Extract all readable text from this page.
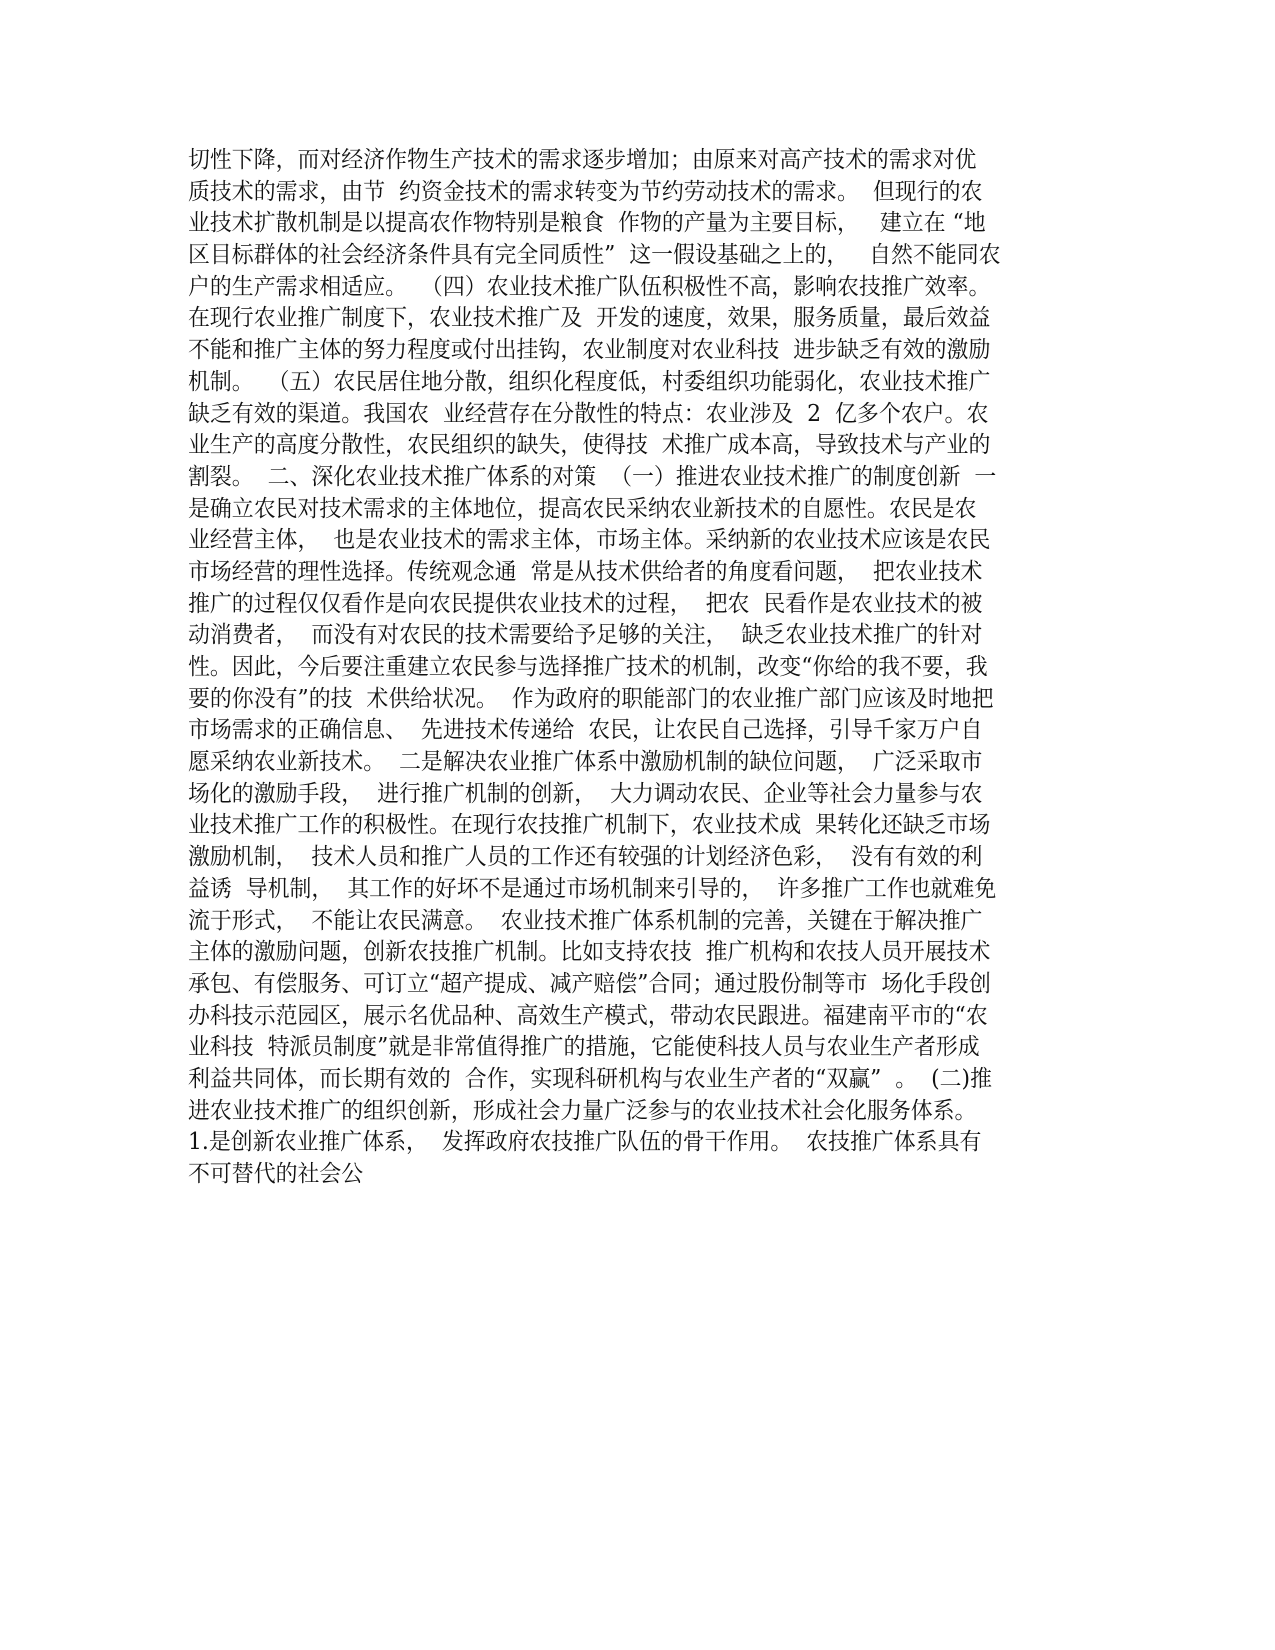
切性下降，而对经济作物生产技术的需求逐步增加；由原来对高产技术的需求对优
质技术的需求，由节  约资金技术的需求转变为节约劳动技术的需求。  但现行的农
业技术扩散机制是以提高农作物特别是粮食  作物的产量为主要目标，   建立在 “地
区目标群体的社会经济条件具有完全同质性”  这一假设基础之上的，   自然不能同农
户的生产需求相适应。  （四）农业技术推广队伍积极性不高，影响农技推广效率。
在现行农业推广制度下，农业技术推广及  开发的速度，效果，服务质量，最后效益
不能和推广主体的努力程度或付出挂钩，农业制度对农业科技  进步缺乏有效的激励
机制。  （五）农民居住地分散，组织化程度低，村委组织功能弱化，农业技术推广
缺乏有效的渠道。我国农  业经营存在分散性的特点：农业涉及  2  亿多个农户。农
业生产的高度分散性，农民组织的缺失，使得技  术推广成本高，导致技术与产业的
割裂。  二、深化农业技术推广体系的对策  （一）推进农业技术推广的制度创新  一
是确立农民对技术需求的主体地位，提高农民采纳农业新技术的自愿性。农民是农
业经营主体，  也是农业技术的需求主体，市场主体。采纳新的农业技术应该是农民
市场经营的理性选择。传统观念通  常是从技术供给者的角度看问题，  把农业技术
推广的过程仅仅看作是向农民提供农业技术的过程，  把农  民看作是农业技术的被
动消费者，  而没有对农民的技术需要给予足够的关注，  缺乏农业技术推广的针对
性。因此，今后要注重建立农民参与选择推广技术的机制，改变“你给的我不要，我
要的你没有”的技  术供给状况。  作为政府的职能部门的农业推广部门应该及时地把
市场需求的正确信息、  先进技术传递给  农民，让农民自己选择，引导千家万户自
愿采纳农业新技术。  二是解决农业推广体系中激励机制的缺位问题，  广泛采取市
场化的激励手段，  进行推广机制的创新，  大力调动农民、企业等社会力量参与农
业技术推广工作的积极性。在现行农技推广机制下，农业技术成  果转化还缺乏市场
激励机制，  技术人员和推广人员的工作还有较强的计划经济色彩，  没有有效的利
益诱  导机制，  其工作的好坏不是通过市场机制来引导的，  许多推广工作也就难免
流于形式，  不能让农民满意。  农业技术推广体系机制的完善，关键在于解决推广
主体的激励问题，创新农技推广机制。比如支持农技  推广机构和农技人员开展技术
承包、有偿服务、可订立“超产提成、减产赔偿”合同；通过股份制等市  场化手段创
办科技示范园区，展示名优品种、高效生产模式，带动农民跟进。福建南平市的“农
业科技  特派员制度”就是非常值得推广的措施，它能使科技人员与农业生产者形成
利益共同体，而长期有效的  合作，实现科研机构与农业生产者的“双赢”  。  (二)推
进农业技术推广的组织创新，形成社会力量广泛参与的农业技术社会化服务体系。
1.是创新农业推广体系，  发挥政府农技推广队伍的骨干作用。  农技推广体系具有
不可替代的社会公
